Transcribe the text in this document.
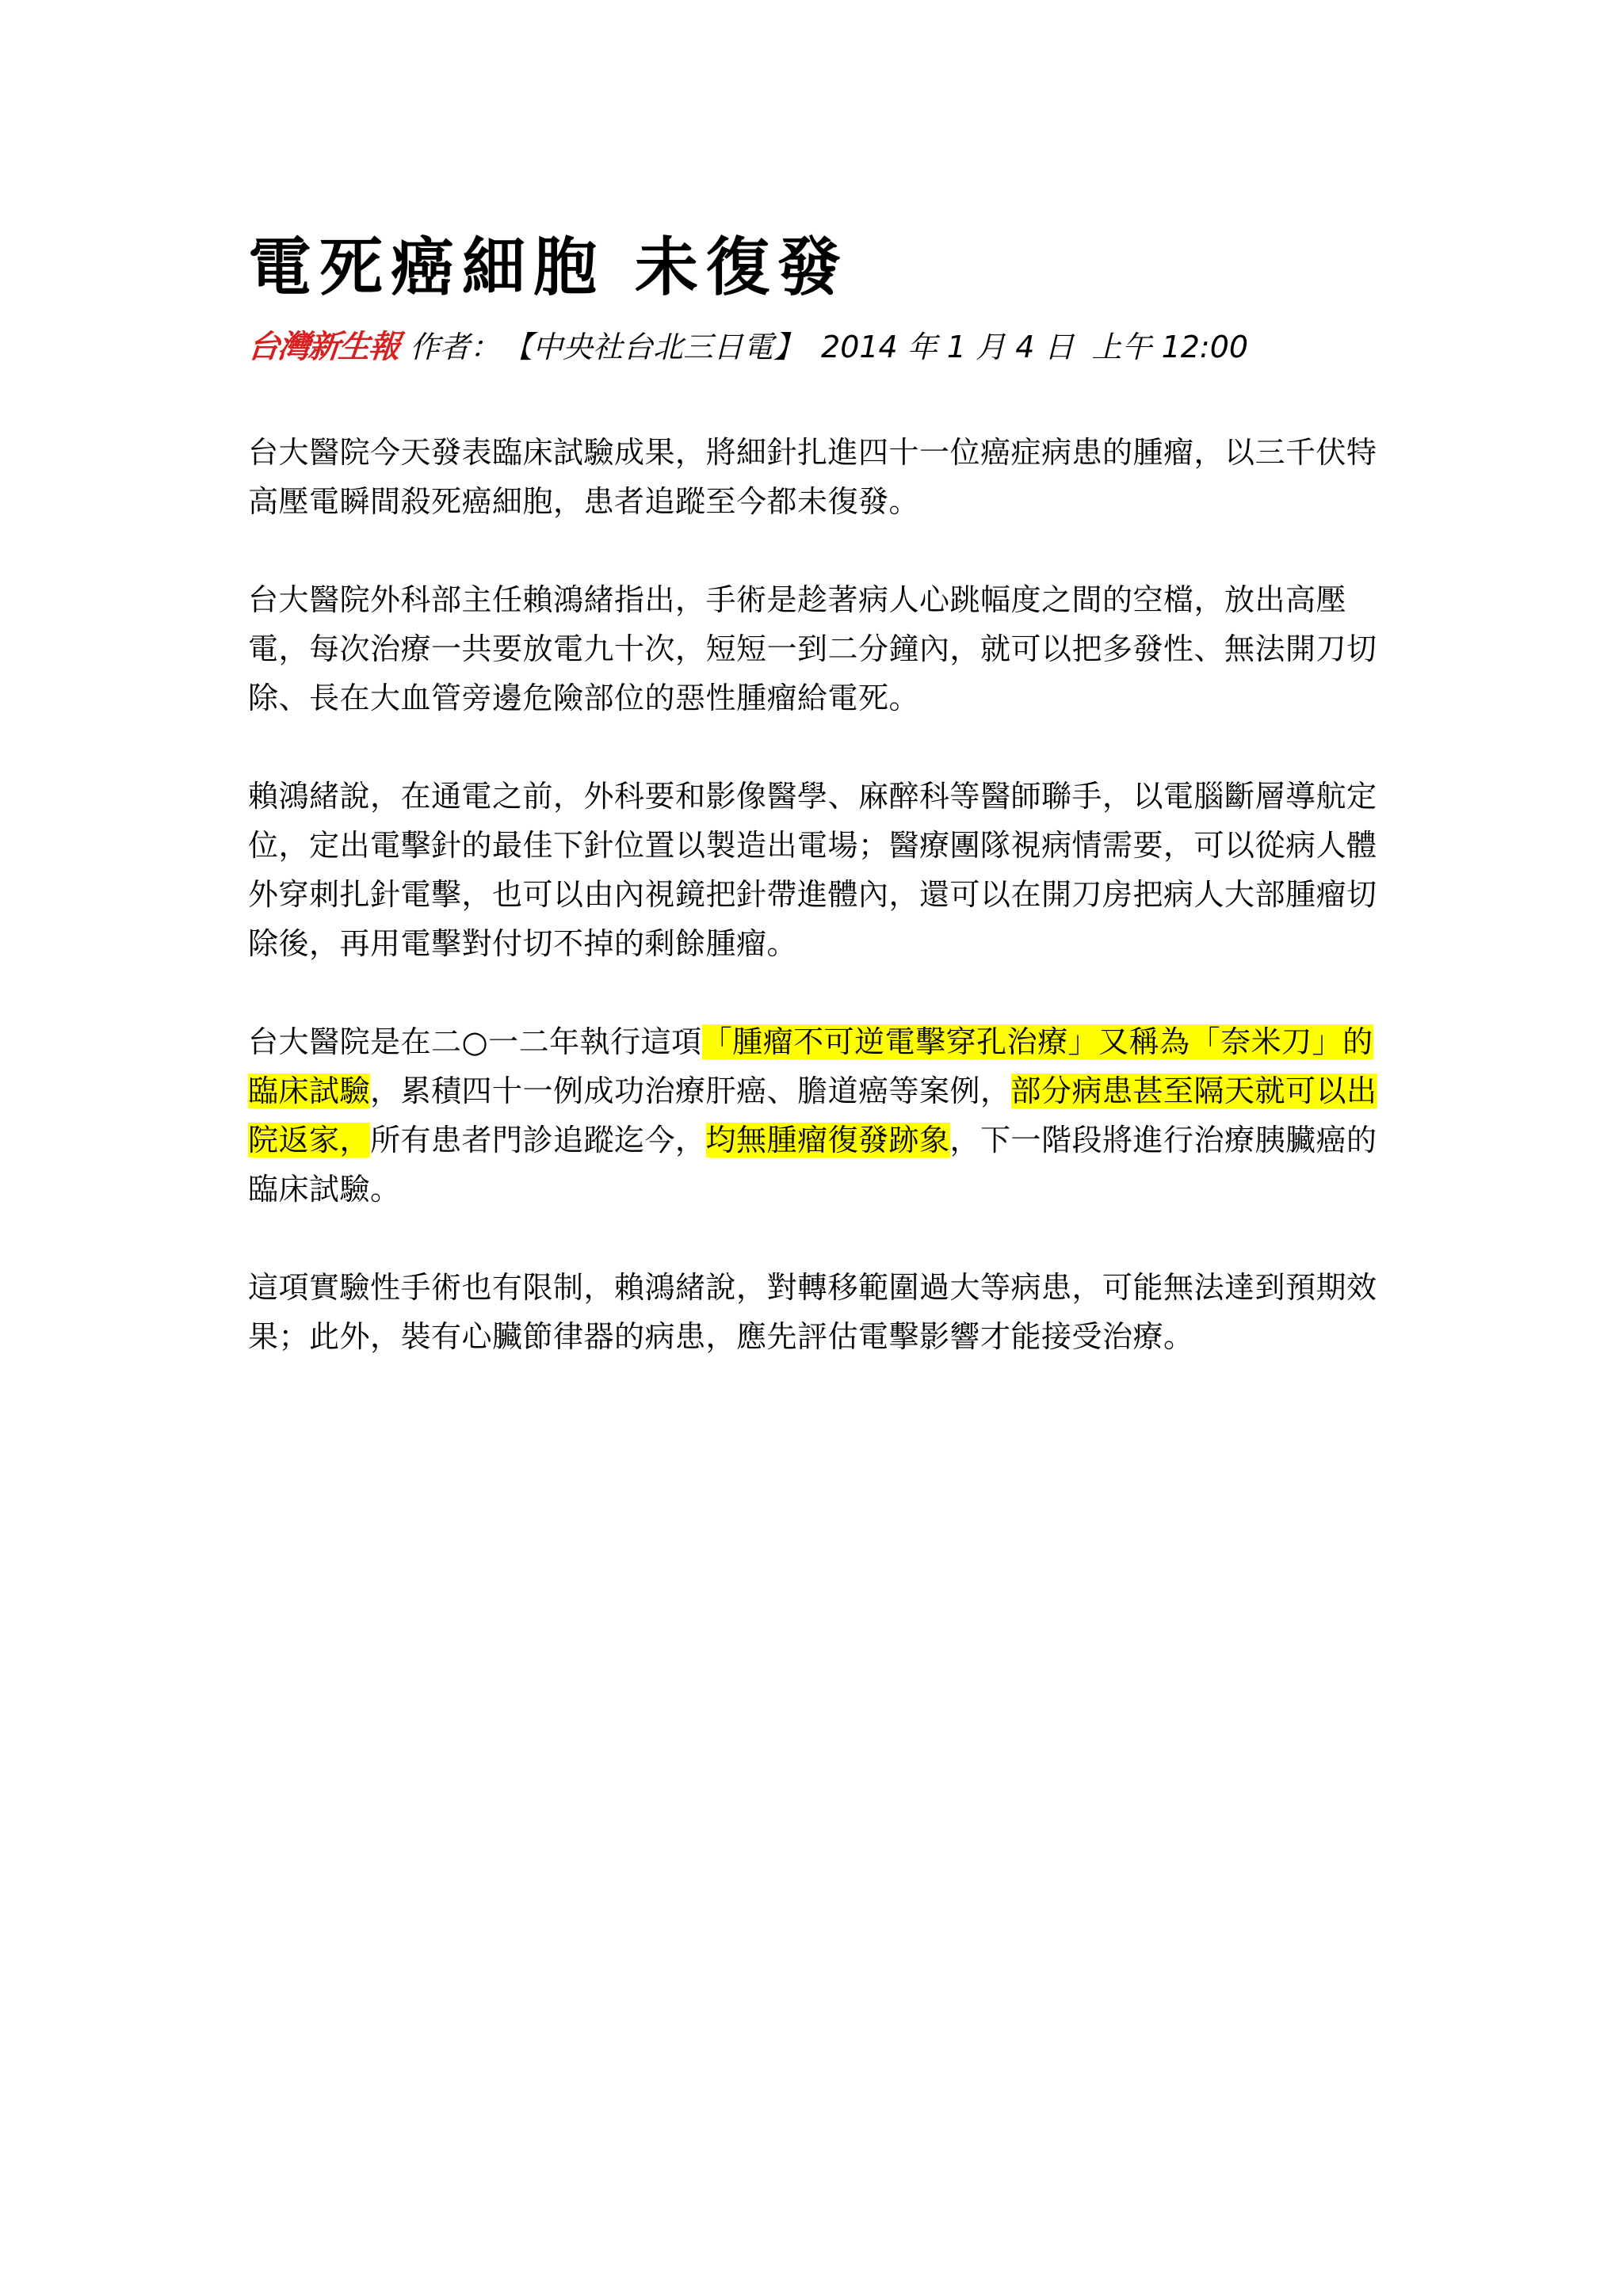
電死癌細胞 未復發
台灣新生報 作者： 【中央社台北三日電】 2014 年 1 月 4 日 上午 12:00

台大醫院今天發表臨床試驗成果，將細針扎進四十一位癌症病患的腫瘤，以三千伏特高壓電瞬間殺死癌細胞，患者追蹤至今都未復發。

台大醫院外科部主任賴鴻緒指出，手術是趁著病人心跳幅度之間的空檔，放出高壓電，每次治療一共要放電九十次，短短一到二分鐘內，就可以把多發性、無法開刀切除、長在大血管旁邊危險部位的惡性腫瘤給電死。

賴鴻緒說，在通電之前，外科要和影像醫學、麻醉科等醫師聯手，以電腦斷層導航定位，定出電擊針的最佳下針位置以製造出電場；醫療團隊視病情需要，可以從病人體外穿刺扎針電擊，也可以由內視鏡把針帶進體內，還可以在開刀房把病人大部腫瘤切除後，再用電擊對付切不掉的剩餘腫瘤。

台大醫院是在二○一二年執行這項「腫瘤不可逆電擊穿孔治療」又稱為「奈米刀」的臨床試驗，累積四十一例成功治療肝癌、膽道癌等案例，部分病患甚至隔天就可以出院返家，所有患者門診追蹤迄今，均無腫瘤復發跡象，下一階段將進行治療胰臟癌的臨床試驗。

這項實驗性手術也有限制，賴鴻緒說，對轉移範圍過大等病患，可能無法達到預期效果；此外，裝有心臟節律器的病患，應先評估電擊影響才能接受治療。
